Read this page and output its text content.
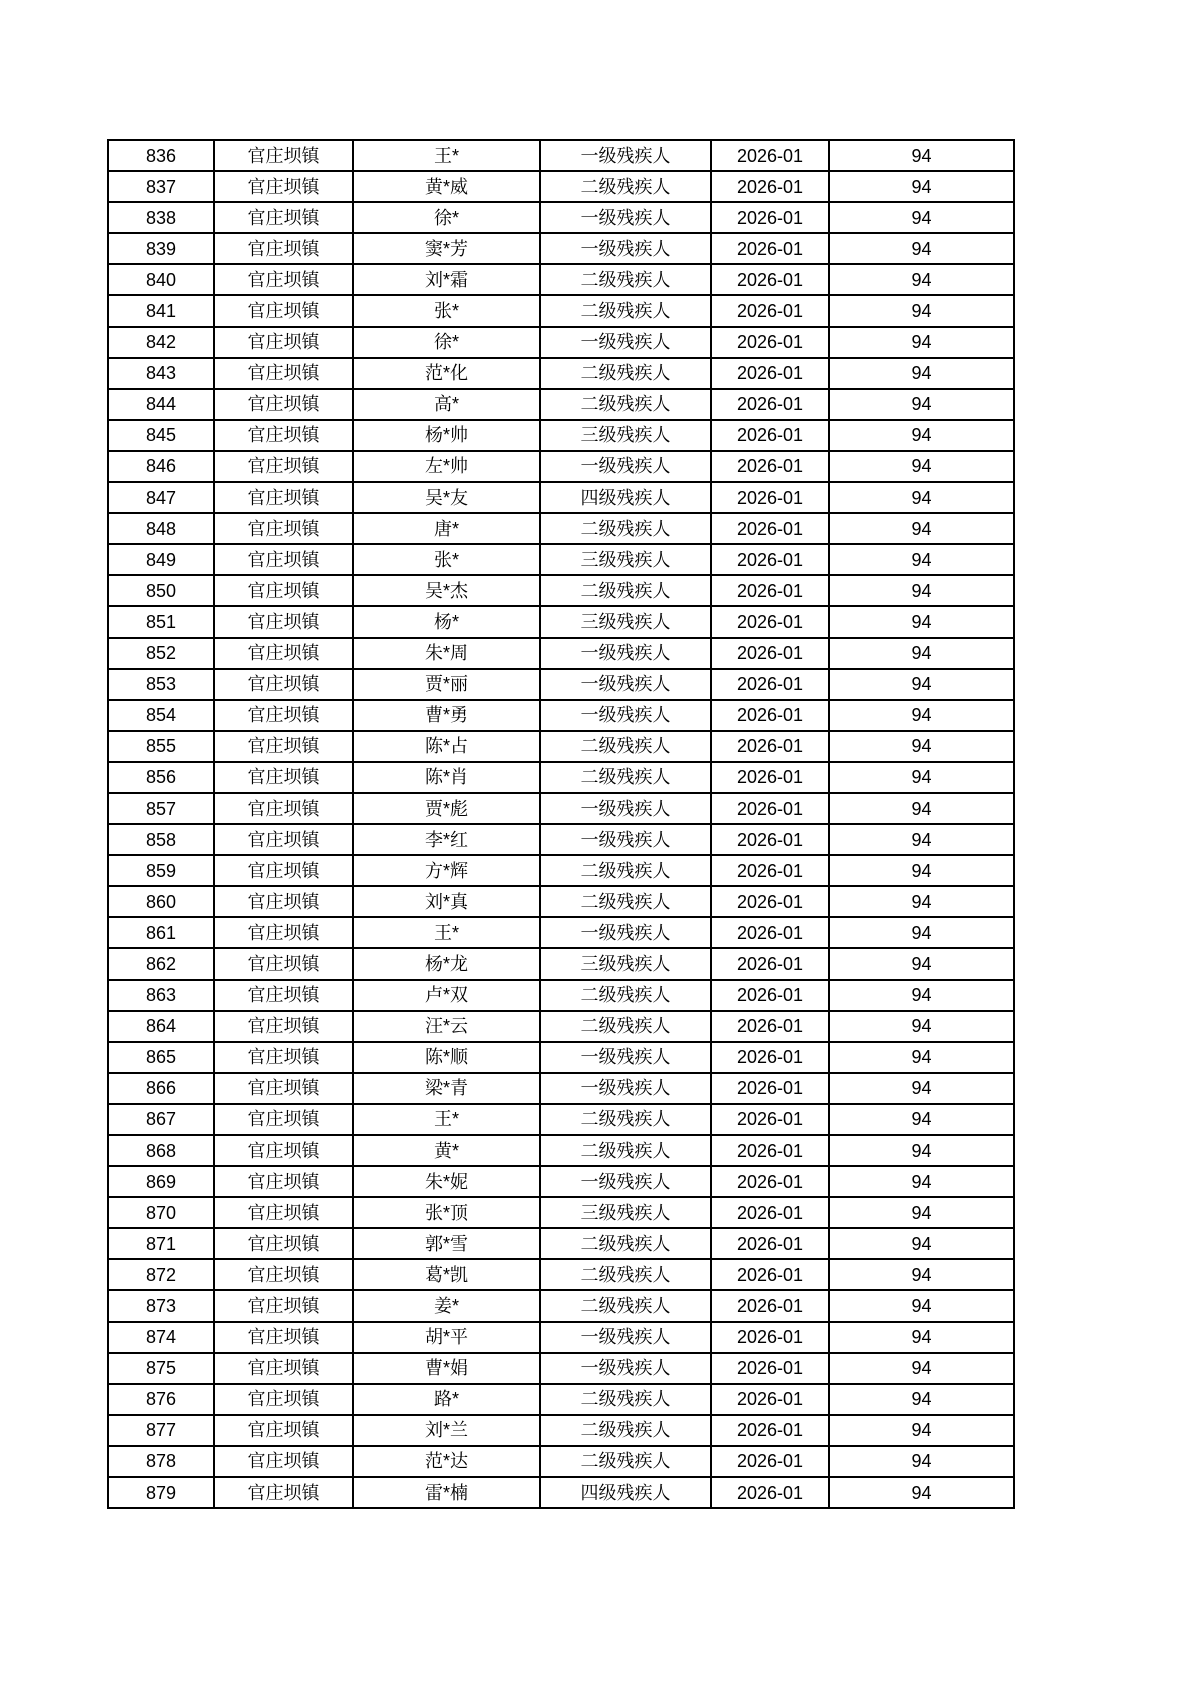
836	官庄坝镇	王*	一级残疾人	2026-01	94
837	官庄坝镇	黄*威	二级残疾人	2026-01	94
838	官庄坝镇	徐*	一级残疾人	2026-01	94
839	官庄坝镇	窦*芳	一级残疾人	2026-01	94
840	官庄坝镇	刘*霜	二级残疾人	2026-01	94
841	官庄坝镇	张*	二级残疾人	2026-01	94
842	官庄坝镇	徐*	一级残疾人	2026-01	94
843	官庄坝镇	范*化	二级残疾人	2026-01	94
844	官庄坝镇	高*	二级残疾人	2026-01	94
845	官庄坝镇	杨*帅	三级残疾人	2026-01	94
846	官庄坝镇	左*帅	一级残疾人	2026-01	94
847	官庄坝镇	吴*友	四级残疾人	2026-01	94
848	官庄坝镇	唐*	二级残疾人	2026-01	94
849	官庄坝镇	张*	三级残疾人	2026-01	94
850	官庄坝镇	吴*杰	二级残疾人	2026-01	94
851	官庄坝镇	杨*	三级残疾人	2026-01	94
852	官庄坝镇	朱*周	一级残疾人	2026-01	94
853	官庄坝镇	贾*丽	一级残疾人	2026-01	94
854	官庄坝镇	曹*勇	一级残疾人	2026-01	94
855	官庄坝镇	陈*占	二级残疾人	2026-01	94
856	官庄坝镇	陈*肖	二级残疾人	2026-01	94
857	官庄坝镇	贾*彪	一级残疾人	2026-01	94
858	官庄坝镇	李*红	一级残疾人	2026-01	94
859	官庄坝镇	方*辉	二级残疾人	2026-01	94
860	官庄坝镇	刘*真	二级残疾人	2026-01	94
861	官庄坝镇	王*	一级残疾人	2026-01	94
862	官庄坝镇	杨*龙	三级残疾人	2026-01	94
863	官庄坝镇	卢*双	二级残疾人	2026-01	94
864	官庄坝镇	汪*云	二级残疾人	2026-01	94
865	官庄坝镇	陈*顺	一级残疾人	2026-01	94
866	官庄坝镇	梁*青	一级残疾人	2026-01	94
867	官庄坝镇	王*	二级残疾人	2026-01	94
868	官庄坝镇	黄*	二级残疾人	2026-01	94
869	官庄坝镇	朱*妮	一级残疾人	2026-01	94
870	官庄坝镇	张*顶	三级残疾人	2026-01	94
871	官庄坝镇	郭*雪	二级残疾人	2026-01	94
872	官庄坝镇	葛*凯	二级残疾人	2026-01	94
873	官庄坝镇	姜*	二级残疾人	2026-01	94
874	官庄坝镇	胡*平	一级残疾人	2026-01	94
875	官庄坝镇	曹*娟	一级残疾人	2026-01	94
876	官庄坝镇	路*	二级残疾人	2026-01	94
877	官庄坝镇	刘*兰	二级残疾人	2026-01	94
878	官庄坝镇	范*达	二级残疾人	2026-01	94
879	官庄坝镇	雷*楠	四级残疾人	2026-01	94
